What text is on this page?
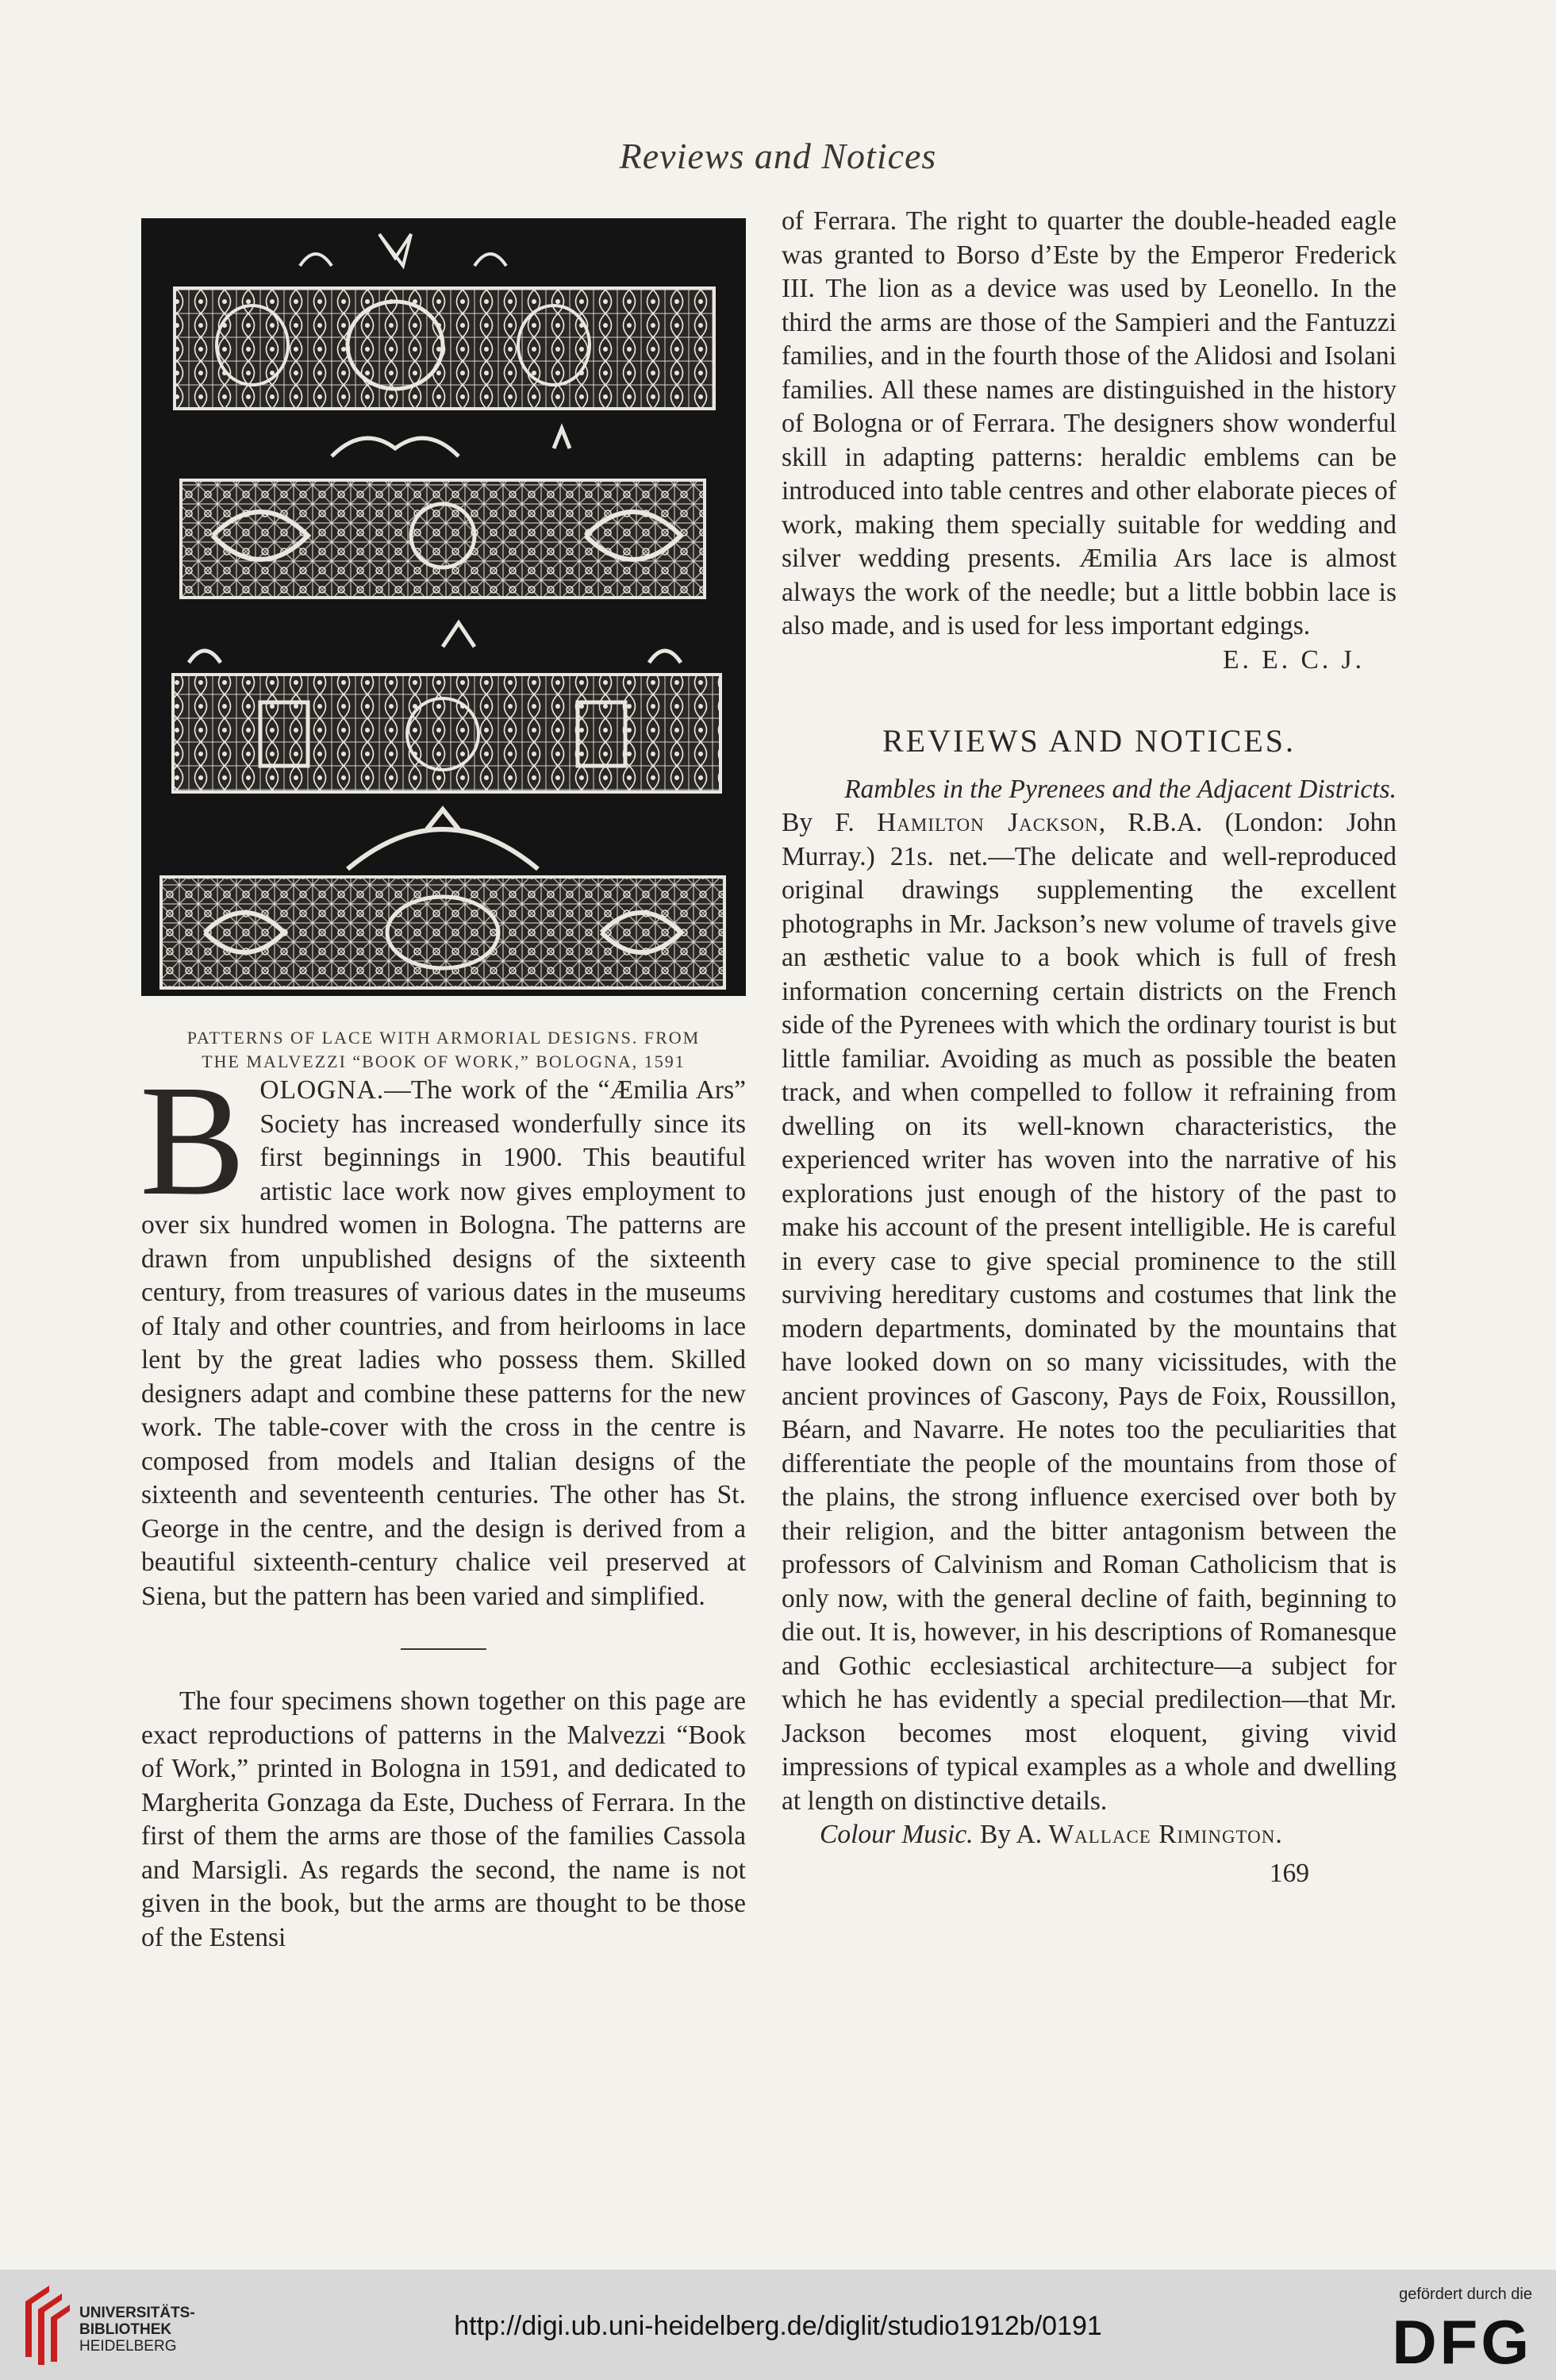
Reviews and Notices
PATTERNS OF LACE WITH ARMORIAL DESIGNS. FROM
THE MALVEZZI “BOOK OF WORK,” BOLOGNA, 1591

BOLOGNA.—The work of the “Æmilia Ars” Society has increased wonderfully since its first beginnings in 1900. This beautiful artistic lace work now gives employment to over six hundred women in Bologna. The patterns are drawn from unpublished designs of the sixteenth century, from treasures of various dates in the museums of Italy and other countries, and from heirlooms in lace lent by the great ladies who possess them. Skilled designers adapt and combine these patterns for the new work. The table-cover with the cross in the centre is composed from models and Italian designs of the sixteenth and seventeenth centuries. The other has St. George in the centre, and the design is derived from a beautiful sixteenth-century chalice veil preserved at Siena, but the pattern has been varied and simplified.

The four specimens shown together on this page are exact reproductions of patterns in the Malvezzi “Book of Work,” printed in Bologna in 1591, and dedicated to Margherita Gonzaga da Este, Duchess of Ferrara. In the first of them the arms are those of the families Cassola and Marsigli. As regards the second, the name is not given in the book, but the arms are thought to be those of the Estensi

of Ferrara. The right to quarter the double-headed eagle was granted to Borso d’Este by the Emperor Frederick III. The lion as a device was used by Leonello. In the third the arms are those of the Sampieri and the Fantuzzi families, and in the fourth those of the Alidosi and Isolani families. All these names are distinguished in the history of Bologna or of Ferrara. The designers show wonderful skill in adapting patterns: heraldic emblems can be introduced into table centres and other elaborate pieces of work, making them specially suitable for wedding and silver wedding presents. Æmilia Ars lace is almost always the work of the needle; but a little bobbin lace is also made, and is used for less important edgings.

E. E. C. J.

REVIEWS AND NOTICES.

Rambles in the Pyrenees and the Adjacent Districts.

By F. Hamilton Jackson, R.B.A. (London: John Murray.) 21s. net.—The delicate and well-reproduced original drawings supplementing the excellent photographs in Mr. Jackson’s new volume of travels give an æsthetic value to a book which is full of fresh information concerning certain districts on the French side of the Pyrenees with which the ordinary tourist is but little familiar. Avoiding as much as possible the beaten track, and when compelled to follow it refraining from dwelling on its well-known characteristics, the experienced writer has woven into the narrative of his explorations just enough of the history of the past to make his account of the present intelligible. He is careful in every case to give special prominence to the still surviving hereditary customs and costumes that link the modern departments, dominated by the mountains that have looked down on so many vicissitudes, with the ancient provinces of Gascony, Pays de Foix, Roussillon, Béarn, and Navarre. He notes too the peculiarities that differentiate the people of the mountains from those of the plains, the strong influence exercised over both by their religion, and the bitter antagonism between the professors of Calvinism and Roman Catholicism that is only now, with the general decline of faith, beginning to die out. It is, however, in his descriptions of Romanesque and Gothic ecclesiastical architecture—a subject for which he has evidently a special predilection—that Mr. Jackson becomes most eloquent, giving vivid impressions of typical examples as a whole and dwelling at length on distinctive details.

Colour Music. By A. Wallace Rimington.

169
UNIVERSITÄTS-
BIBLIOTHEK
HEIDELBERG
http://digi.ub.uni-heidelberg.de/diglit/studio1912b/0191
gefördert durch die
DFG
